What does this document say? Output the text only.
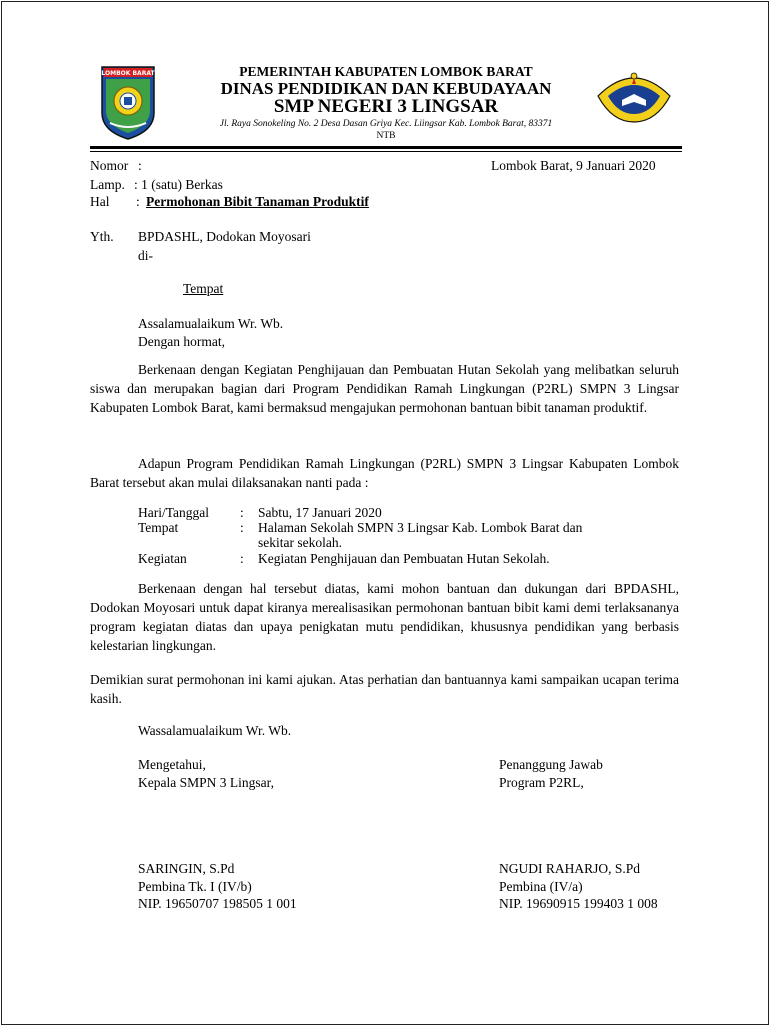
LOMBOK BARAT	PEMERINTAH KABUPATEN LOMBOK BARAT
DINAS PENDIDIKAN DAN KEBUDAYAAN
SMP NEGERI 3 LINGSAR
Jl. Raya Sonokeling No. 2 Desa Dasan Griya Kec. Liingsar Kab. Lombok Barat, 83371
NTB
Nomor :	Lombok Barat, 9 Januari 2020
Lamp. : 1 (satu) Berkas
Hal : Permohonan Bibit Tanaman Produktif
Yth. BPDASHL, Dodokan Moyosari
di-
Tempat
Assalamualaikum Wr. Wb.
Dengan hormat,
Berkenaan dengan Kegiatan Penghijauan dan Pembuatan Hutan Sekolah yang melibatkan seluruh siswa dan merupakan bagian dari Program Pendidikan Ramah Lingkungan (P2RL) SMPN 3 Lingsar Kabupaten Lombok Barat, kami bermaksud mengajukan permohonan bantuan bibit tanaman produktif.
Adapun Program Pendidikan Ramah Lingkungan (P2RL) SMPN 3 Lingsar Kabupaten Lombok Barat tersebut akan mulai dilaksanakan nanti pada :
Hari/Tanggal : Sabtu, 17 Januari 2020
Tempat	: Halaman Sekolah SMPN 3 Lingsar Kab. Lombok Barat dan
sekitar sekolah.
Kegiatan	: Kegiatan Penghijauan dan Pembuatan Hutan Sekolah.
Berkenaan dengan hal tersebut diatas, kami mohon bantuan dan dukungan dari BPDASHL, Dodokan Moyosari untuk dapat kiranya merealisasikan permohonan bantuan bibit kami demi terlaksananya program kegiatan diatas dan upaya penigkatan mutu pendidikan, khususnya pendidikan yang berbasis kelestarian lingkungan.
Demikian surat permohonan ini kami ajukan. Atas perhatian dan bantuannya kami sampaikan ucapan terima kasih.
Wassalamualaikum Wr. Wb.
Mengetahui,
Kepala SMPN 3 Lingsar,
SARINGIN, S.Pd
Pembina Tk. I (IV/b)
NIP. 19650707 198505 1 001
Penanggung Jawab
Program P2RL,
NGUDI RAHARJO, S.Pd
Pembina (IV/a)
NIP. 19690915 199403 1 008
